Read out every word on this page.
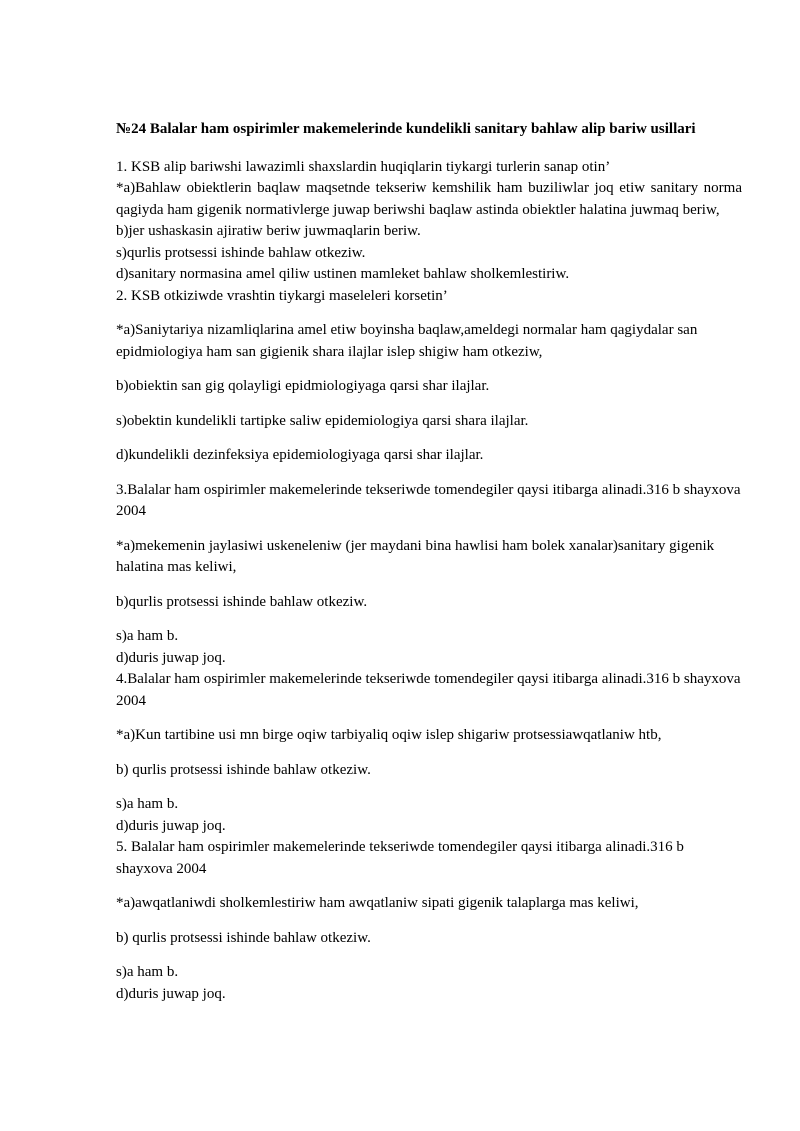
№24 Balalar ham ospirimler makemelerinde kundelikli sanitary bahlaw alip bariw usillari

1. KSB alip bariwshi lawazimli shaxslardin huqiqlarin tiykargi turlerin sanap otin’

*a)Bahlaw obiektlerin baqlaw maqsetnde tekseriw kemshilik ham buziliwlar joq etiw sanitary norma qagiyda ham gigenik normativlerge juwap beriwshi baqlaw astinda obiektler halatina juwmaq beriw,

b)jer ushaskasin ajiratiw beriw juwmaqlarin beriw.

s)qurlis protsessi ishinde bahlaw otkeziw.

d)sanitary normasina amel qiliw ustinen mamleket bahlaw sholkemlestiriw.

2. KSB otkiziwde vrashtin tiykargi maseleleri korsetin’

*a)Saniytariya nizamliqlarina amel etiw boyinsha baqlaw,ameldegi normalar ham qagiydalar san epidmiologiya ham san gigienik shara ilajlar islep shigiw ham otkeziw,

b)obiektin san gig qolayligi epidmiologiyaga qarsi shar ilajlar.

s)obektin kundelikli tartipke saliw epidemiologiya qarsi shara ilajlar.

d)kundelikli dezinfeksiya epidemiologiyaga qarsi shar ilajlar.

3.Balalar ham ospirimler makemelerinde tekseriwde tomendegiler qaysi itibarga alinadi.316 b shayxova 2004

*a)mekemenin jaylasiwi uskeneleniw (jer maydani bina hawlisi ham bolek xanalar)sanitary gigenik halatina mas keliwi,

b)qurlis protsessi ishinde bahlaw otkeziw.

s)a ham b.

d)duris juwap joq.

4.Balalar ham ospirimler makemelerinde tekseriwde tomendegiler qaysi itibarga alinadi.316 b shayxova 2004

*a)Kun tartibine usi mn birge oqiw tarbiyaliq oqiw islep shigariw protsessiawqatlaniw htb,

b) qurlis protsessi ishinde bahlaw otkeziw.

s)a ham b.

d)duris juwap joq.

5. Balalar ham ospirimler makemelerinde tekseriwde tomendegiler qaysi itibarga alinadi.316 b shayxova 2004

*a)awqatlaniwdi sholkemlestiriw ham awqatlaniw sipati gigenik talaplarga mas keliwi,

b) qurlis protsessi ishinde bahlaw otkeziw.

s)a ham b.

d)duris juwap joq.
